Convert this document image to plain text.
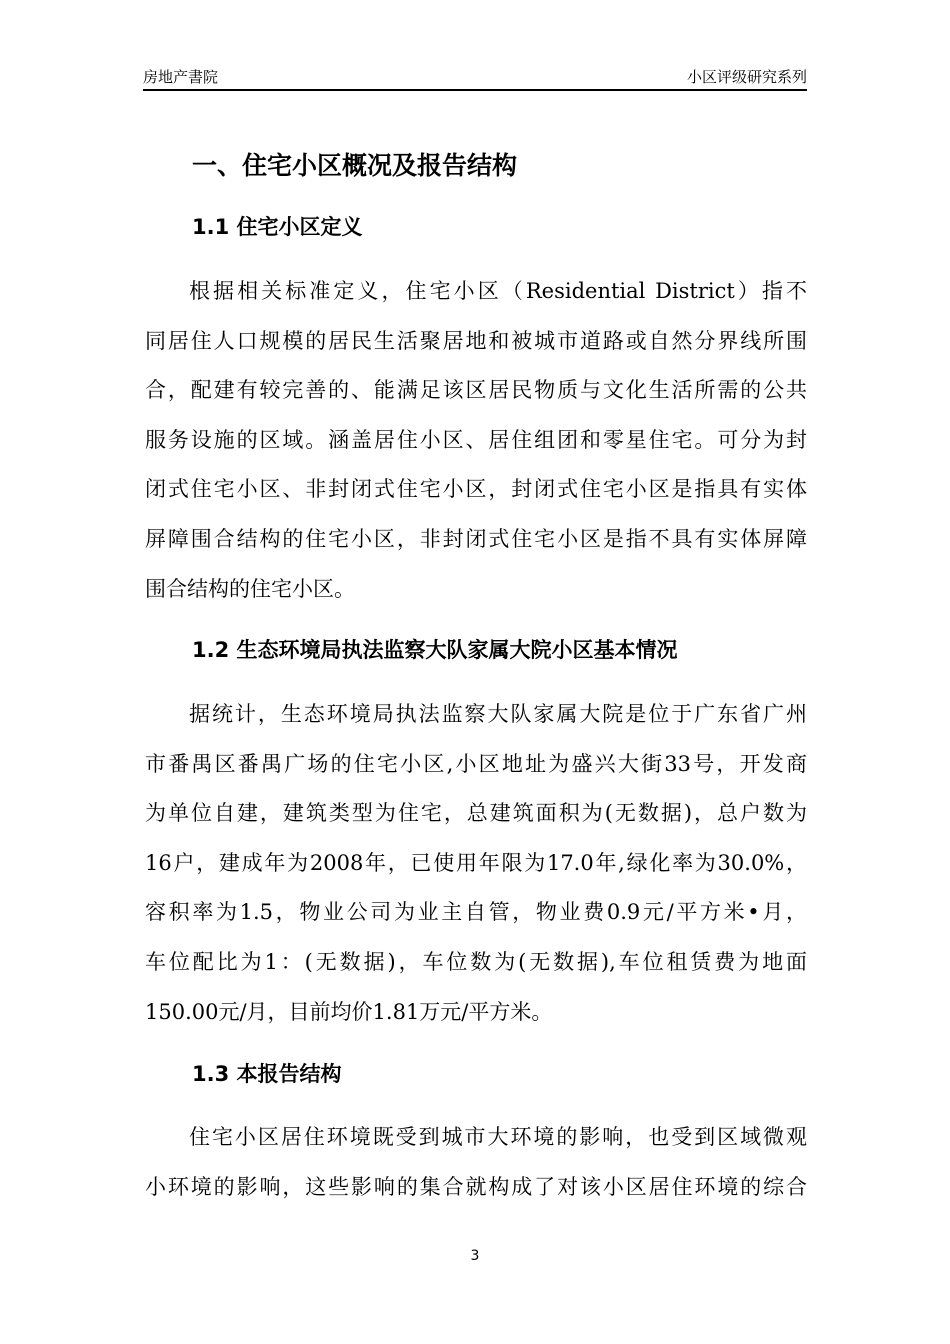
房地产書院	小区评级研究系列
一、住宅小区概况及报告结构
1.1 住宅小区定义
根据相关标准定义，住宅小区（Residential District）指不
同居住人口规模的居民生活聚居地和被城市道路或自然分界线所围
合，配建有较完善的、能满足该区居民物质与文化生活所需的公共
服务设施的区域。涵盖居住小区、居住组团和零星住宅。可分为封
闭式住宅小区、非封闭式住宅小区，封闭式住宅小区是指具有实体
屏障围合结构的住宅小区，非封闭式住宅小区是指不具有实体屏障
围合结构的住宅小区。
1.2 生态环境局执法监察大队家属大院小区基本情况
据统计，生态环境局执法监察大队家属大院是位于广东省广州
市番禺区番禺广场的住宅小区,小区地址为盛兴大街33号，开发商
为单位自建，建筑类型为住宅，总建筑面积为(无数据)，总户数为
16户，建成年为2008年，已使用年限为17.0年,绿化率为30.0%，
容积率为1.5，物业公司为业主自管，物业费0.9元/平方米•月，
车位配比为1：(无数据)，车位数为(无数据),车位租赁费为地面
150.00元/月，目前均价1.81万元/平方米。
1.3 本报告结构
住宅小区居住环境既受到城市大环境的影响，也受到区域微观
小环境的影响，这些影响的集合就构成了对该小区居住环境的综合
3
